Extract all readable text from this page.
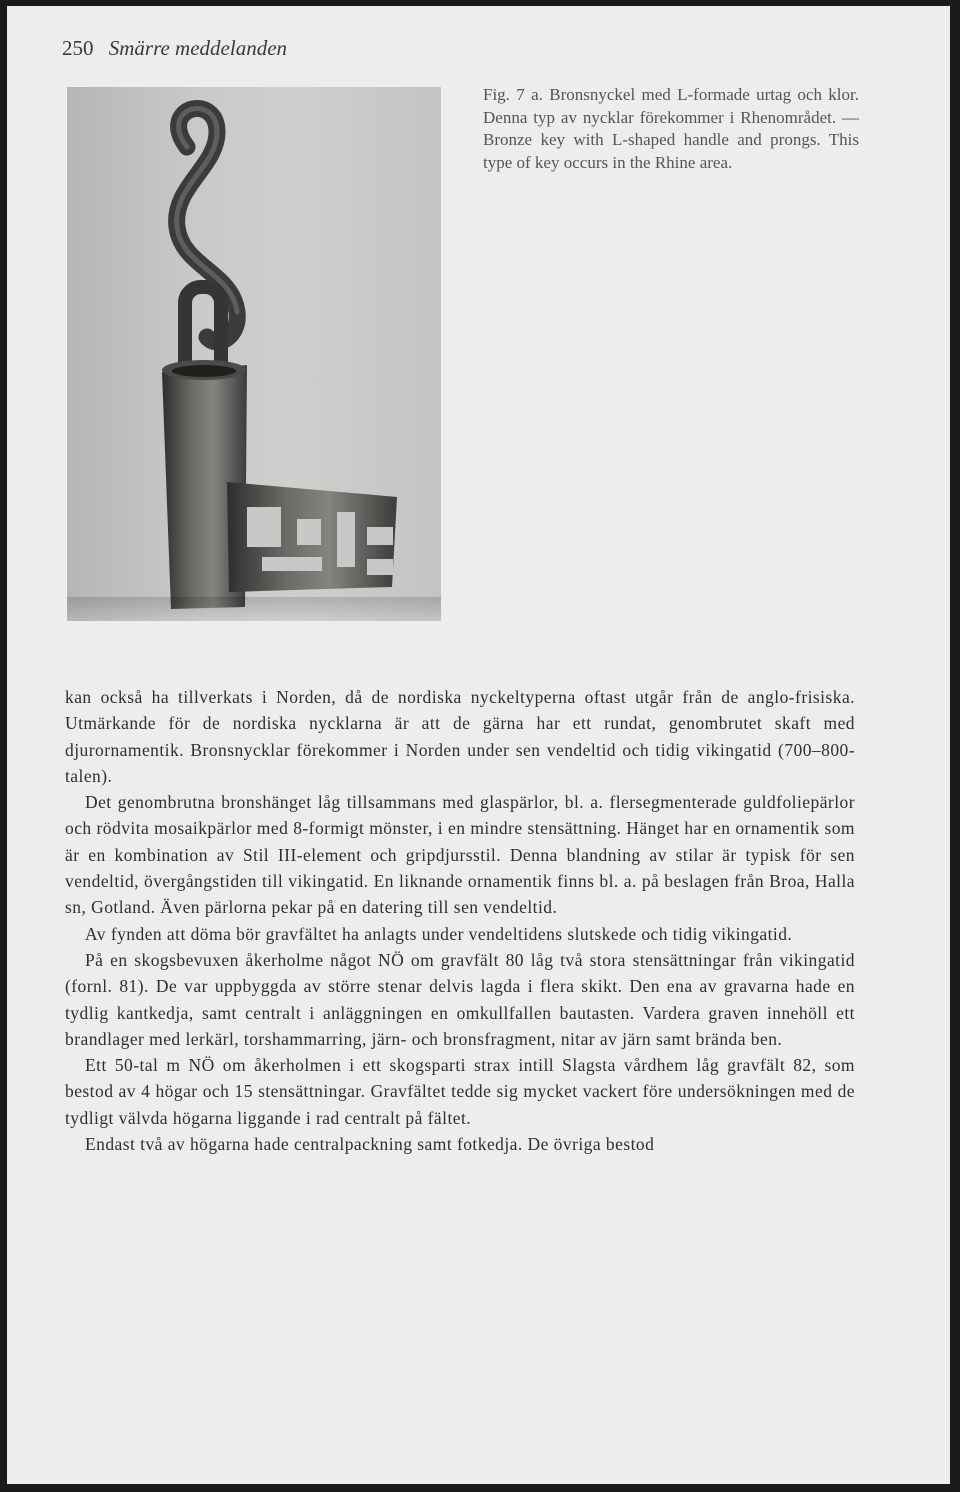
250 Smärre meddelanden
Fig. 7 a. Bronsnyckel med L-formade urtag och klor. Denna typ av nycklar förekommer i Rhenområdet. — Bronze key with L-shaped handle and prongs. This type of key occurs in the Rhine area.

kan också ha tillverkats i Norden, då de nordiska nyckeltyperna oftast utgår från de anglo-frisiska. Utmärkande för de nordiska nycklarna är att de gärna har ett rundat, genombrutet skaft med djurornamentik. Bronsnycklar förekommer i Norden under sen vendeltid och tidig vikingatid (700–800-talen).

Det genombrutna bronshänget låg tillsammans med glaspärlor, bl. a. flersegmenterade guldfoliepärlor och rödvita mosaikpärlor med 8-formigt mönster, i en mindre stensättning. Hänget har en ornamentik som är en kombination av Stil III-element och gripdjursstil. Denna blandning av stilar är typisk för sen vendeltid, övergångstiden till vikingatid. En liknande ornamentik finns bl. a. på beslagen från Broa, Halla sn, Gotland. Även pärlorna pekar på en datering till sen vendeltid.

Av fynden att döma bör gravfältet ha anlagts under vendeltidens slutskede och tidig vikingatid.

På en skogsbevuxen åkerholme något NÖ om gravfält 80 låg två stora stensättningar från vikingatid (fornl. 81). De var uppbyggda av större stenar delvis lagda i flera skikt. Den ena av gravarna hade en tydlig kantkedja, samt centralt i anläggningen en omkullfallen bautasten. Vardera graven innehöll ett brandlager med lerkärl, torshammarring, järn- och bronsfragment, nitar av järn samt brända ben.

Ett 50-tal m NÖ om åkerholmen i ett skogsparti strax intill Slagsta vårdhem låg gravfält 82, som bestod av 4 högar och 15 stensättningar. Gravfältet tedde sig mycket vackert före undersökningen med de tydligt välvda högarna liggande i rad centralt på fältet.

Endast två av högarna hade centralpackning samt fotkedja. De övriga bestod
